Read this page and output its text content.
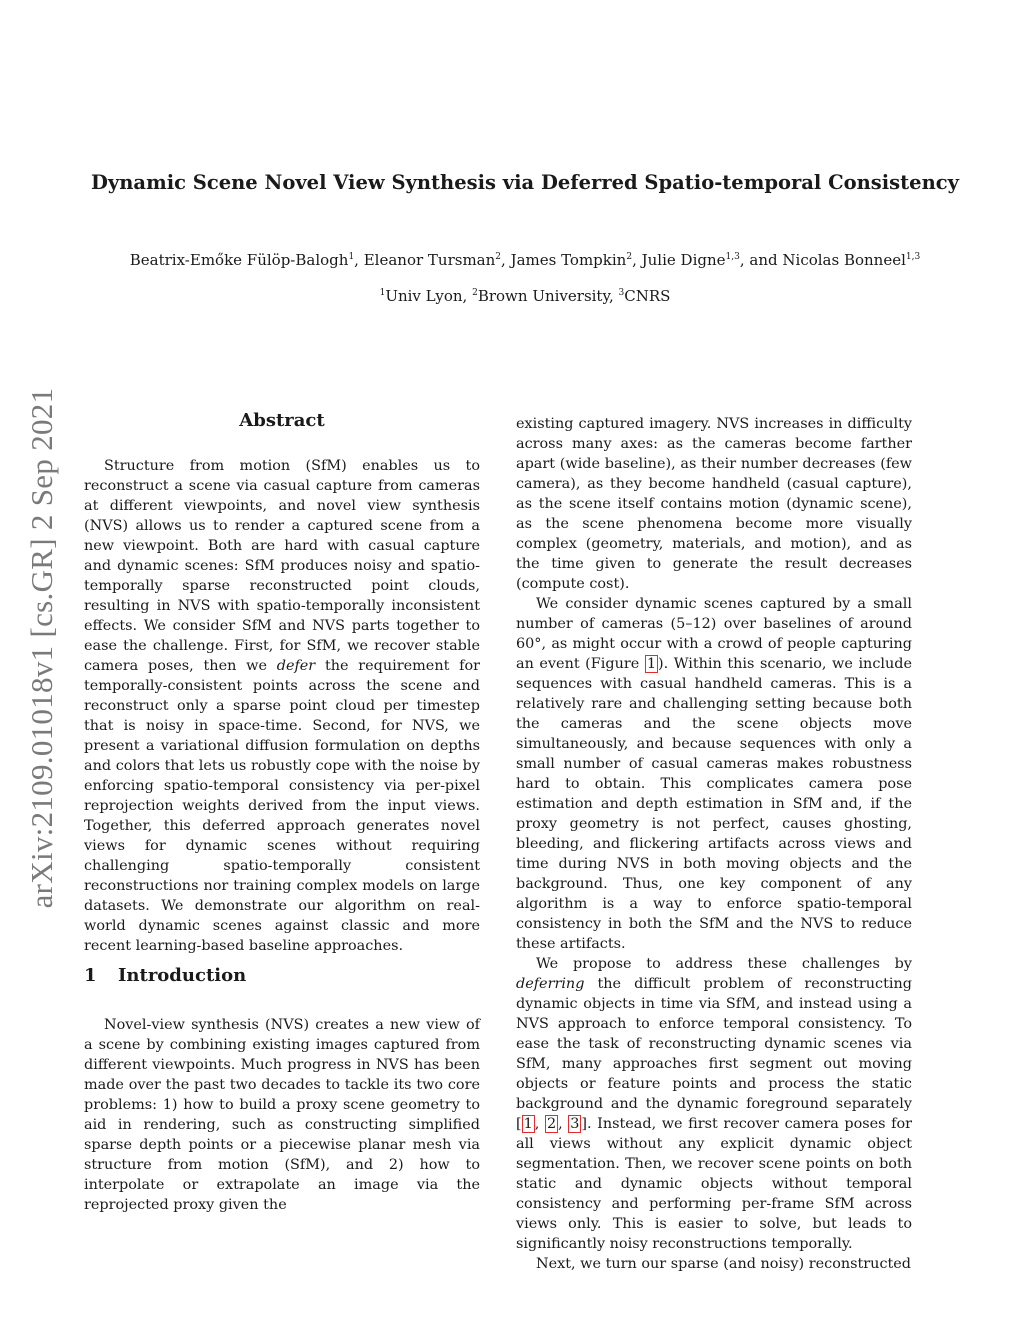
arXiv:2109.01018v1 [cs.GR] 2 Sep 2021
Dynamic Scene Novel View Synthesis via Deferred Spatio-temporal Consistency
Beatrix-Emőke Fülöp-Balogh$^1$, Eleanor Tursman$^2$, James Tompkin$^2$, Julie Digne$^{1,3}$, and Nicolas Bonneel$^{1,3}$
$^1$Univ Lyon, $^2$Brown University, $^3$CNRS
Abstract

Structure from motion (SfM) enables us to reconstruct a scene via casual capture from cameras at different viewpoints, and novel view synthesis (NVS) allows us to render a captured scene from a new viewpoint. Both are hard with casual capture and dynamic scenes: SfM produces noisy and spatio-temporally sparse reconstructed point clouds, resulting in NVS with spatio-temporally inconsistent effects. We consider SfM and NVS parts together to ease the challenge. First, for SfM, we recover stable camera poses, then we defer the requirement for temporally-consistent points across the scene and reconstruct only a sparse point cloud per timestep that is noisy in space-time. Second, for NVS, we present a variational diffusion formulation on depths and colors that lets us robustly cope with the noise by enforcing spatio-temporal consistency via per-pixel reprojection weights derived from the input views. Together, this deferred approach generates novel views for dynamic scenes without requiring challenging spatio-temporally consistent reconstructions nor training complex models on large datasets. We demonstrate our algorithm on real-world dynamic scenes against classic and more recent learning-based baseline approaches.

1 Introduction

Novel-view synthesis (NVS) creates a new view of a scene by combining existing images captured from different viewpoints. Much progress in NVS has been made over the past two decades to tackle its two core problems: 1) how to build a proxy scene geometry to aid in rendering, such as constructing simplified sparse depth points or a piecewise planar mesh via structure from motion (SfM), and 2) how to interpolate or extrapolate an image via the reprojected proxy given the

existing captured imagery. NVS increases in difficulty across many axes: as the cameras become farther apart (wide baseline), as their number decreases (few camera), as they become handheld (casual capture), as the scene itself contains motion (dynamic scene), as the scene phenomena become more visually complex (geometry, materials, and motion), and as the time given to generate the result decreases (compute cost).

We consider dynamic scenes captured by a small number of cameras (5–12) over baselines of around 60°, as might occur with a crowd of people capturing an event (Figure 1 ). Within this scenario, we include sequences with casual handheld cameras. This is a relatively rare and challenging setting because both the cameras and the scene objects move simultaneously, and because sequences with only a small number of casual cameras makes robustness hard to obtain. This complicates camera pose estimation and depth estimation in SfM and, if the proxy geometry is not perfect, causes ghosting, bleeding, and flickering artifacts across views and time during NVS in both moving objects and the background. Thus, one key component of any algorithm is a way to enforce spatio-temporal consistency in both the SfM and the NVS to reduce these artifacts.

We propose to address these challenges by deferring the difficult problem of reconstructing dynamic objects in time via SfM, and instead using a NVS approach to enforce temporal consistency. To ease the task of reconstructing dynamic scenes via SfM, many approaches first segment out moving objects or feature points and process the static background and the dynamic foreground separately [ 1 , 2 , 3 ]. Instead, we first recover camera poses for all views without any explicit dynamic object segmentation. Then, we recover scene points on both static and dynamic objects without temporal consistency and performing per-frame SfM across views only. This is easier to solve, but leads to significantly noisy reconstructions temporally.

Next, we turn our sparse (and noisy) reconstructed
